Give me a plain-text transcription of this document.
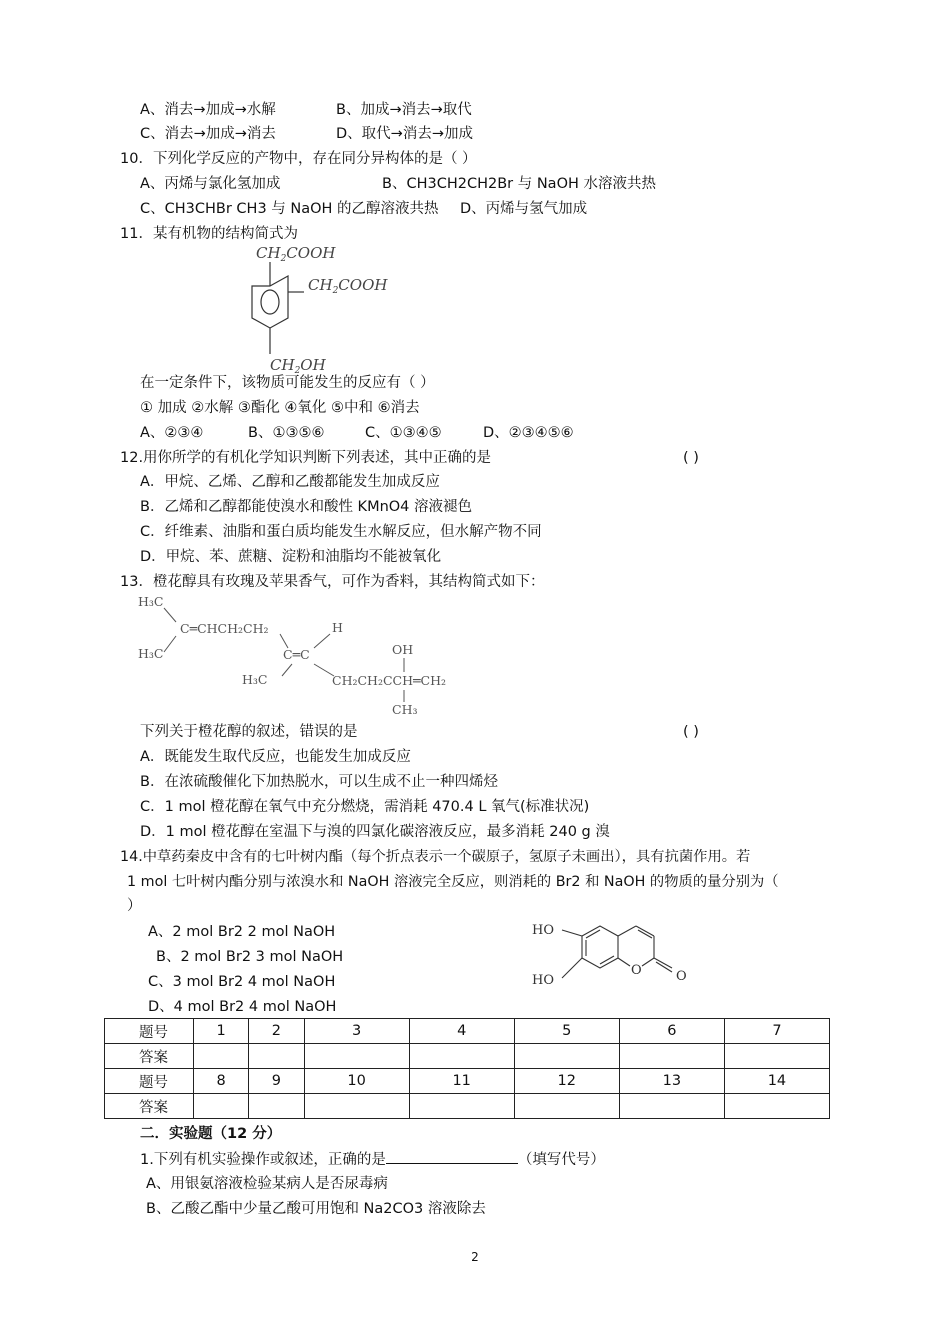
A、消去→加成→水解	B、加成→消去→取代
C、消去→加成→消去	D、取代→消去→加成
10．下列化学反应的产物中，存在同分异构体的是（ ）
A、丙烯与氯化氢加成	B、CH3CH2CH2Br 与 NaOH 水溶液共热
C、CH3CHBr CH3 与 NaOH 的乙醇溶液共热 D、丙烯与氢气加成
11．某有机物的结构简式为
$CH_2COOH$
$CH_2COOH$
$CH_2OH$
在一定条件下，该物质可能发生的反应有（ ）
① 加成 ②水解 ③酯化 ④氧化 ⑤中和 ⑥消去
A、②③④	B、①③⑤⑥	C、①③④⑤	D、②③④⑤⑥
12.用你所学的有机化学知识判断下列表述，其中正确的是	( )
A．甲烷、乙烯、乙醇和乙酸都能发生加成反应
B．乙烯和乙醇都能使溴水和酸性 KMnO4 溶液褪色
C．纤维素、油脂和蛋白质均能发生水解反应，但水解产物不同
D．甲烷、苯、蔗糖、淀粉和油脂均不能被氧化
13．橙花醇具有玫瑰及苹果香气，可作为香料，其结构简式如下：
H₃C
C═CHCH₂CH₂
H₃C
H
C═C
H₃C
OH
CH₂CH₂CCH═CH₂
CH₃
下列关于橙花醇的叙述，错误的是	( )
A．既能发生取代反应，也能发生加成反应
B．在浓硫酸催化下加热脱水，可以生成不止一种四烯烃
C．1 mol 橙花醇在氧气中充分燃烧，需消耗 470.4 L 氧气(标准状况)
D．1 mol 橙花醇在室温下与溴的四氯化碳溶液反应，最多消耗 240 g 溴
14.中草药秦皮中含有的七叶树内酯（每个折点表示一个碳原子，氢原子未画出），具有抗菌作用。若
1 mol 七叶树内酯分别与浓溴水和 NaOH 溶液完全反应，则消耗的 Br2 和 NaOH 的物质的量分别为（
）
HO
HO
O	O
A、2 mol Br2 2 mol NaOH
B、2 mol Br2 3 mol NaOH
C、3 mol Br2 4 mol NaOH
D、4 mol Br2 4 mol NaOH
题号	1	2	3	4	5	6	7
答案							
题号	8	9	10	11	12	13	14
答案							
二．实验题（12 分）
1.下列有机实验操作或叙述，正确的是	（填写代号）
A、用银氨溶液检验某病人是否尿毒病
B、乙酸乙酯中少量乙酸可用饱和 Na2CO3 溶液除去
2
